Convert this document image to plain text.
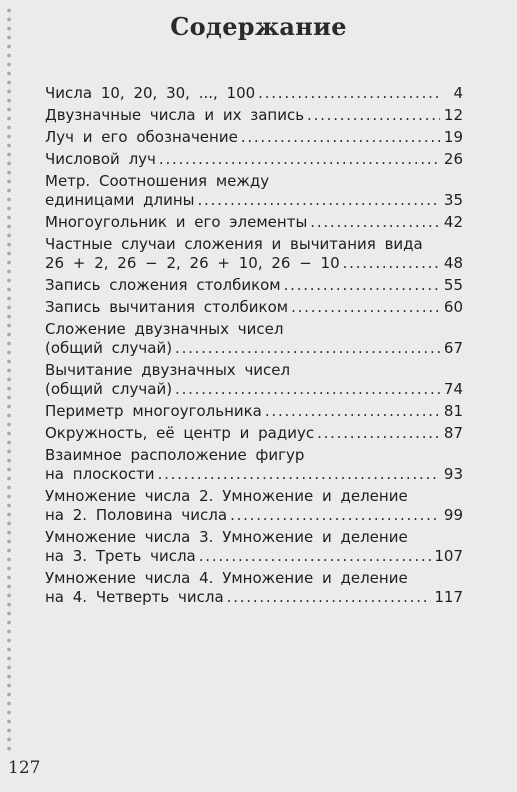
Содержание
Числа 10, 20, 30, ..., 100 . . .	4
Двузначные числа и их запись . . .	12
Луч и его обозначение . . .	19
Числовой луч . . .	26
Метр. Соотношения между
единицами длины . . .	35
Многоугольник и его элементы . . .	42
Частные случаи сложения и вычитания вида
26 + 2, 26 − 2, 26 + 10, 26 − 10 . . .	48
Запись сложения столбиком . . .	55
Запись вычитания столбиком . . .	60
Сложение двузначных чисел
(общий случай) . . .	67
Вычитание двузначных чисел
(общий случай) . . .	74
Периметр многоугольника . . .	81
Окружность, её центр и радиус . . .	87
Взаимное расположение фигур
на плоскости . . .	93
Умножение числа 2. Умножение и деление
на 2. Половина числа . . .	99
Умножение числа 3. Умножение и деление
на 3. Треть числа . . .	107
Умножение числа 4. Умножение и деление
на 4. Четверть числа . . .	117
127
